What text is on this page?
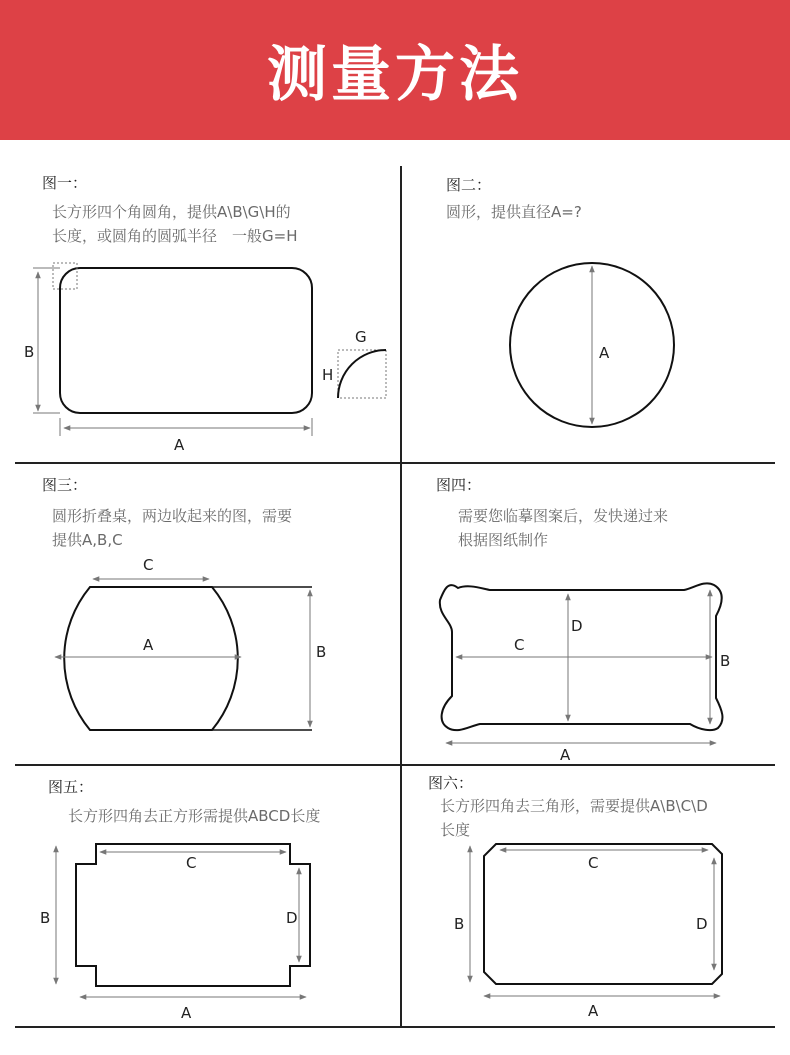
测量方法
图一：
长方形四个角圆角，提供A\B\G\H的
长度，或圆角的圆弧半径　一般G=H
B
A
G
H
图二：
圆形，提供直径A=?
A
图三：
圆形折叠桌，两边收起来的图，需要
提供A,B,C
C
A	B
图四：
需要您临摹图案后，发快递过来
根据图纸制作
D
C
B
A
图五：
长方形四角去正方形需提供ABCD长度
C
B	D
A
图六：
长方形四角去三角形，需要提供A\B\C\D
长度
C
B	D
A
